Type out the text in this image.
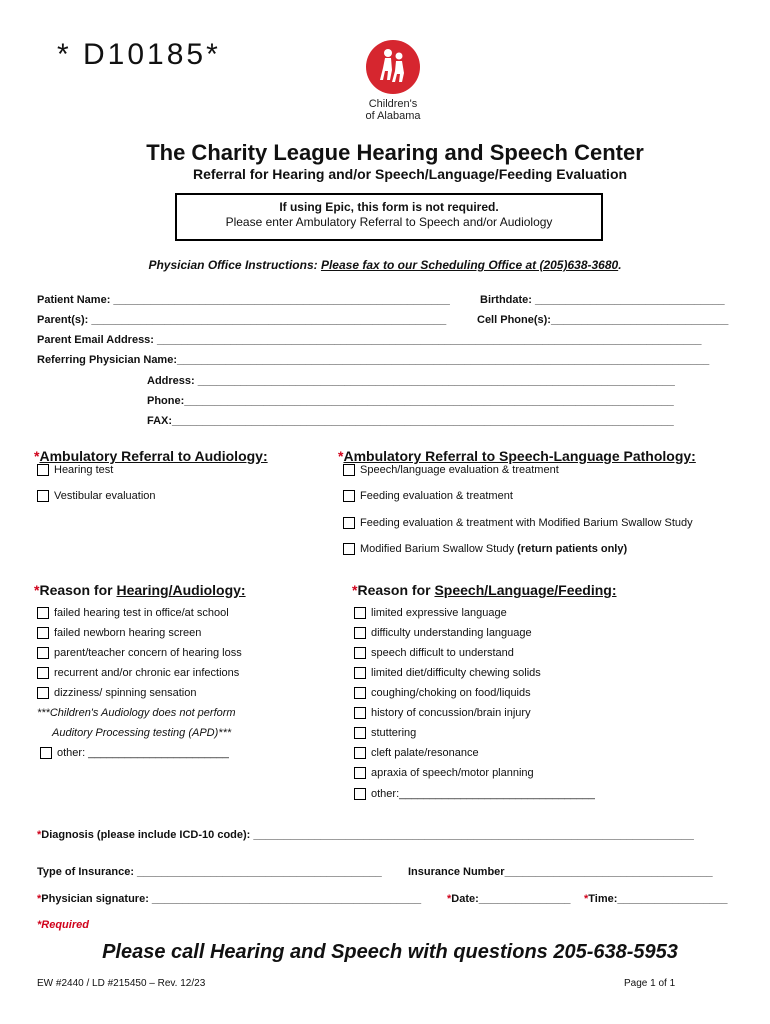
* D10185*
Children's
of Alabama
The Charity League Hearing and Speech Center
Referral for Hearing and/or Speech/Language/Feeding Evaluation
If using Epic, this form is not required.
Please enter Ambulatory Referral to Speech and/or Audiology
Physician Office Instructions: Please fax to our Scheduling Office at (205)638-3680.
Patient Name: _______________________________________________________	Birthdate: _______________________________
Parent(s): __________________________________________________________	Cell Phone(s):_____________________________
Parent Email Address: _________________________________________________________________________________________
Referring Physician Name:_______________________________________________________________________________________
Address: ______________________________________________________________________________
Phone:________________________________________________________________________________
FAX:__________________________________________________________________________________
*Ambulatory Referral to Audiology:	*Ambulatory Referral to Speech-Language Pathology:
Hearing test
Vestibular evaluation
Speech/language evaluation & treatment
Feeding evaluation & treatment
Feeding evaluation & treatment with Modified Barium Swallow Study
Modified Barium Swallow Study
(return patients only)
*Reason for Hearing/Audiology:	*Reason for Speech/Language/Feeding:
failed hearing test in office/at school
failed newborn hearing screen
parent/teacher concern of hearing loss
recurrent and/or chronic ear infections
dizziness/ spinning sensation
***Children's Audiology does not perform
Auditory Processing testing (APD)***
other: _______________________
limited expressive language
difficulty understanding language
speech difficult to understand
limited diet/difficulty chewing solids
coughing/choking on food/liquids
history of concussion/brain injury
stuttering
cleft palate/resonance
apraxia of speech/motor planning
other:________________________________
*Diagnosis (please include ICD-10 code): ________________________________________________________________________
Type of Insurance: ________________________________________ Insurance Number__________________________________
*Physician signature: ____________________________________________ *Date:_______________ *Time:__________________
*Required
Please call Hearing and Speech with questions 205-638-5953
EW #2440 / LD #215450 – Rev. 12/23	Page 1 of 1
